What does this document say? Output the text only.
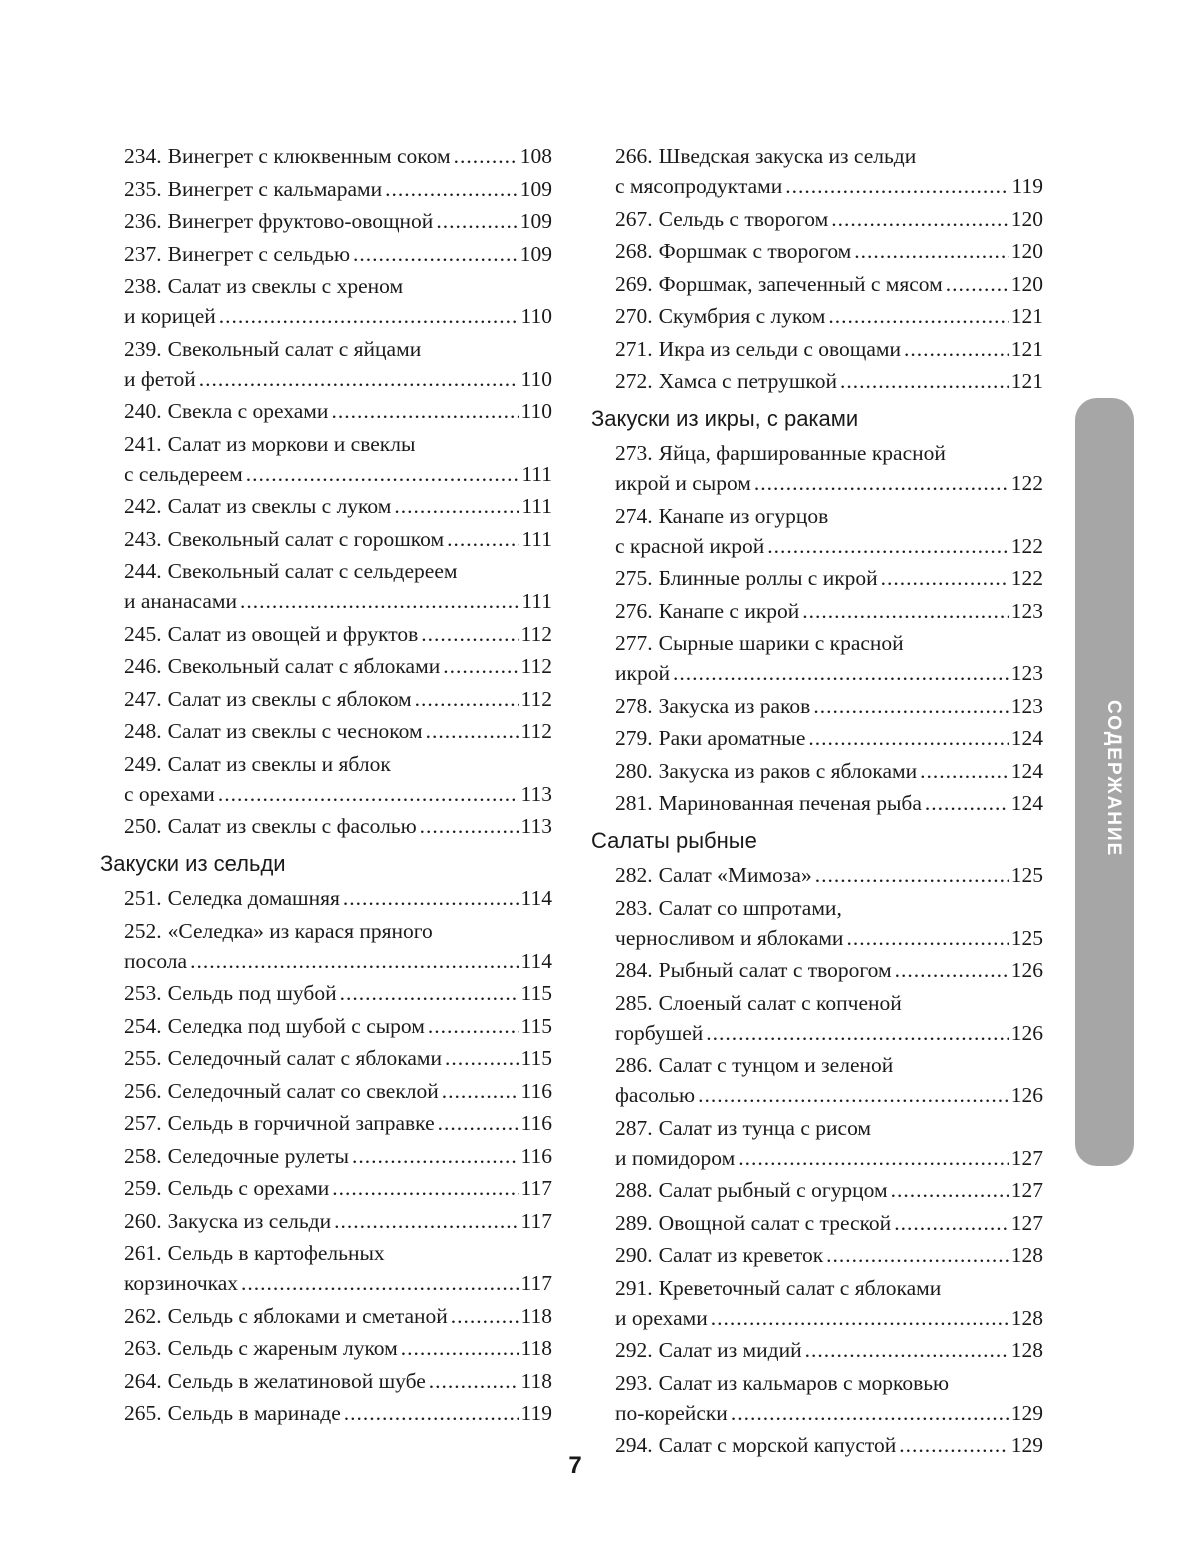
234. Винегрет с клюквенным соком .....	108
235. Винегрет с кальмарами .....	109
236. Винегрет фруктово-овощной .....	109
237. Винегрет с сельдью .....	109
238. Салат из свеклы с хреном
и корицей .....	110
239. Свекольный салат с яйцами
и фетой .....	110
240. Свекла с орехами .....	110
241. Салат из моркови и свеклы
с сельдереем .....	111
242. Салат из свеклы с луком .....	111
243. Свекольный салат с горошком .....	111
244. Свекольный салат с сельдереем
и ананасами .....	111
245. Салат из овощей и фруктов .....	112
246. Свекольный салат с яблоками .....	112
247. Салат из свеклы с яблоком .....	112
248. Салат из свеклы с чесноком .....	112
249. Салат из свеклы и яблок
с орехами .....	113
250. Салат из свеклы с фасолью .....	113
Закуски из сельди
251. Селедка домашняя .....	114
252. «Селедка» из карася пряного
посола .....	114
253. Сельдь под шубой .....	115
254. Селедка под шубой с сыром .....	115
255. Селедочный салат с яблоками .....	115
256. Селедочный салат со свеклой .....	116
257. Сельдь в горчичной заправке .....	116
258. Селедочные рулеты .....	116
259. Сельдь с орехами .....	117
260. Закуска из сельди .....	117
261. Сельдь в картофельных
корзиночках .....	117
262. Сельдь с яблоками и сметаной .....	118
263. Сельдь с жареным луком .....	118
264. Сельдь в желатиновой шубе .....	118
265. Сельдь в маринаде .....	119
266. Шведская закуска из сельди
с мясопродуктами .....	119
267. Сельдь с творогом .....	120
268. Форшмак с творогом .....	120
269. Форшмак, запеченный с мясом .....	120
270. Скумбрия с луком .....	121
271. Икра из сельди с овощами .....	121
272. Хамса с петрушкой .....	121
Закуски из икры, с раками
273. Яйца, фаршированные красной
икрой и сыром .....	122
274. Канапе из огурцов
с красной икрой .....	122
275. Блинные роллы с икрой .....	122
276. Канапе с икрой .....	123
277. Сырные шарики с красной
икрой .....	123
278. Закуска из раков .....	123
279. Раки ароматные .....	124
280. Закуска из раков с яблоками .....	124
281. Маринованная печеная рыба .....	124
Салаты рыбные
282. Салат «Мимоза» .....	125
283. Салат со шпротами,
черносливом и яблоками .....	125
284. Рыбный салат с творогом .....	126
285. Слоеный салат с копченой
горбушей .....	126
286. Салат с тунцом и зеленой
фасолью .....	126
287. Салат из тунца с рисом
и помидором .....	127
288. Салат рыбный с огурцом .....	127
289. Овощной салат с треской .....	127
290. Салат из креветок .....	128
291. Креветочный салат с яблоками
и орехами .....	128
292. Салат из мидий .....	128
293. Салат из кальмаров с морковью
по-корейски .....	129
294. Салат с морской капустой .....	129
СОДЕРЖАНИЕ
7
